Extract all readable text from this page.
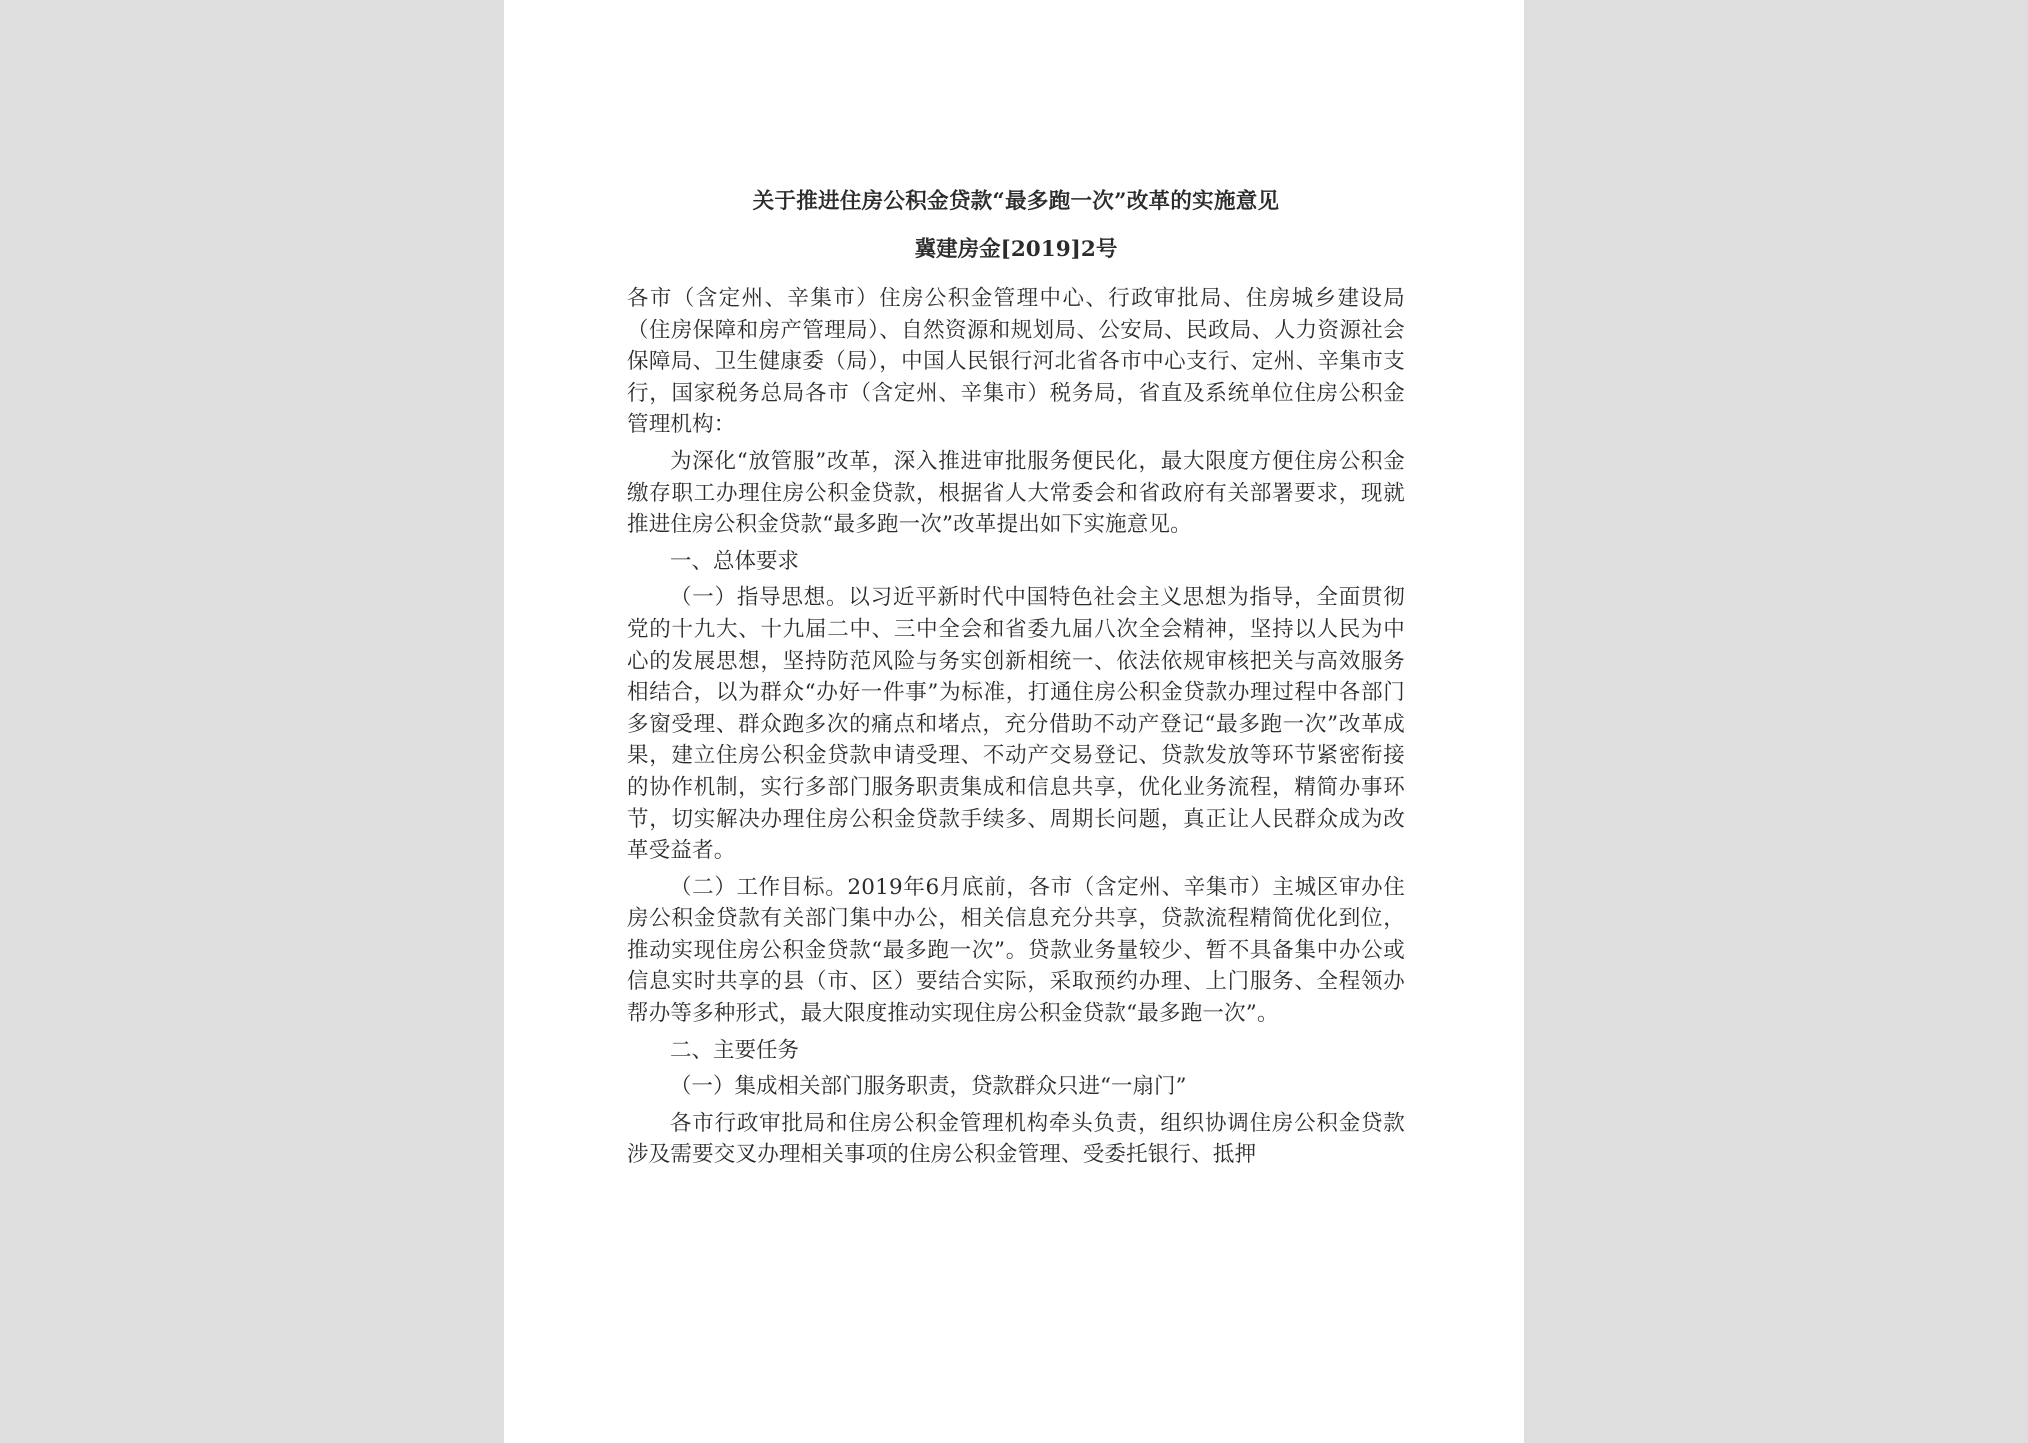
关于推进住房公积金贷款“最多跑一次”改革的实施意见

冀建房金[2019]2号

各市（含定州、辛集市）住房公积金管理中心、行政审批局、住房城乡建设局（住房保障和房产管理局）、自然资源和规划局、公安局、民政局、人力资源社会保障局、卫生健康委（局），中国人民银行河北省各市中心支行、定州、辛集市支行，国家税务总局各市（含定州、辛集市）税务局，省直及系统单位住房公积金管理机构：

为深化“放管服”改革，深入推进审批服务便民化，最大限度方便住房公积金缴存职工办理住房公积金贷款，根据省人大常委会和省政府有关部署要求，现就推进住房公积金贷款“最多跑一次”改革提出如下实施意见。

一、总体要求

（一）指导思想。以习近平新时代中国特色社会主义思想为指导，全面贯彻党的十九大、十九届二中、三中全会和省委九届八次全会精神，坚持以人民为中心的发展思想，坚持防范风险与务实创新相统一、依法依规审核把关与高效服务相结合，以为群众“办好一件事”为标准，打通住房公积金贷款办理过程中各部门多窗受理、群众跑多次的痛点和堵点，充分借助不动产登记“最多跑一次”改革成果，建立住房公积金贷款申请受理、不动产交易登记、贷款发放等环节紧密衔接的协作机制，实行多部门服务职责集成和信息共享，优化业务流程，精简办事环节，切实解决办理住房公积金贷款手续多、周期长问题，真正让人民群众成为改革受益者。

（二）工作目标。2019年6月底前，各市（含定州、辛集市）主城区审办住房公积金贷款有关部门集中办公，相关信息充分共享，贷款流程精简优化到位，推动实现住房公积金贷款“最多跑一次”。贷款业务量较少、暂不具备集中办公或信息实时共享的县（市、区）要结合实际，采取预约办理、上门服务、全程领办帮办等多种形式，最大限度推动实现住房公积金贷款“最多跑一次”。

二、主要任务

（一）集成相关部门服务职责，贷款群众只进“一扇门”

各市行政审批局和住房公积金管理机构牵头负责，组织协调住房公积金贷款涉及需要交叉办理相关事项的住房公积金管理、受委托银行、抵押
